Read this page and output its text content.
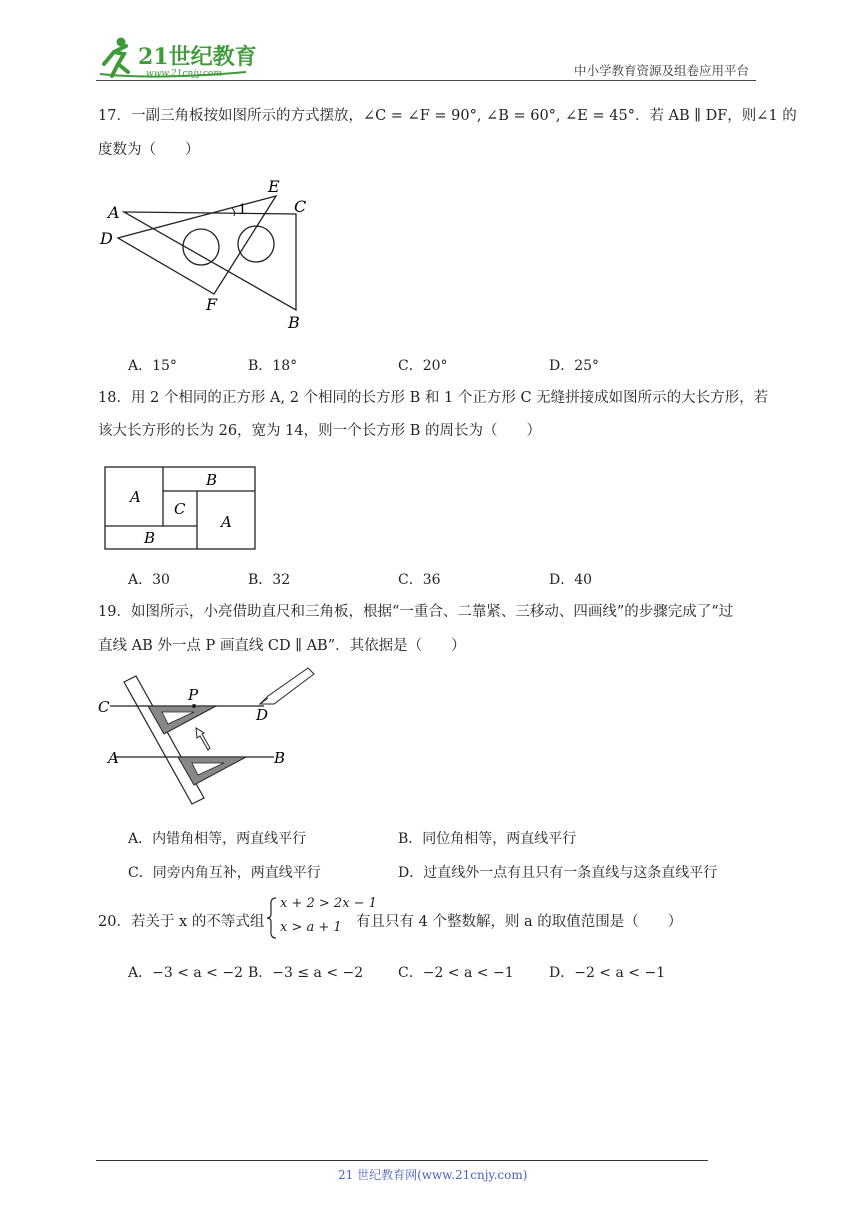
21世纪教育
www.21cnjy.com	中小学教育资源及组卷应用平台
17．一副三角板按如图所示的方式摆放，∠C = ∠F = 90°, ∠B = 60°, ∠E = 45°．若 AB ∥ DF，则∠1 的
度数为（　　）
A
D
E
C
F
B
1
A．15°	B．18°	C．20°	D．25°
18．用 2 个相同的正方形 A, 2 个相同的长方形 B 和 1 个正方形 C 无缝拼接成如图所示的大长方形，若
该大长方形的长为 26，宽为 14，则一个长方形 B 的周长为（　　）
A
B
C
A
B
A．30	B．32	C．36	D．40
19．如图所示，小亮借助直尺和三角板，根据“一重合、二靠紧、三移动、四画线”的步骤完成了“过
直线 AB 外一点 P 画直线 CD ∥ AB”．其依据是（　　）
C
P
D
A	B
A．内错角相等，两直线平行	B．同位角相等，两直线平行
C．同旁内角互补，两直线平行	D．过直线外一点有且只有一条直线与这条直线平行
20．若关于 x 的不等式组
x + 2 > 2x − 1
x > a + 1 有且只有 4 个整数解，则 a 的取值范围是（　　）
A．−3 < a < −2 B．−3 ≤ a < −2 C．−2 < a < −1	D．−2 < a < −1
21 世纪教育网(www.21cnjy.com)
